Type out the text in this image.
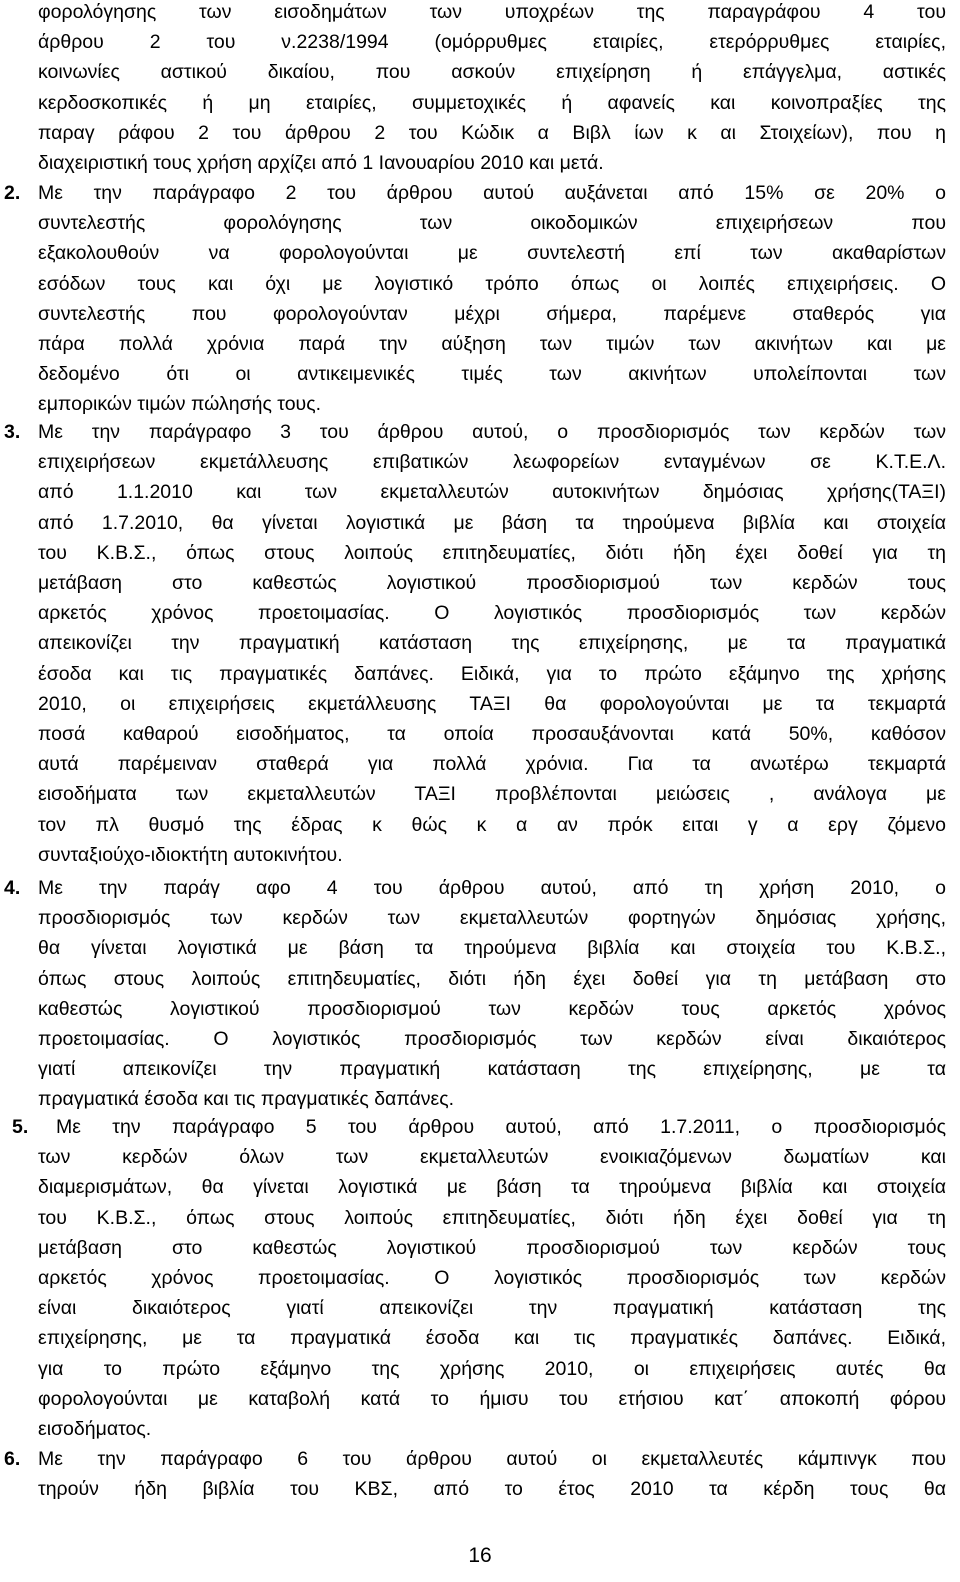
φορολόγησης των εισοδημάτων των υποχρέων της παραγράφου 4 του
άρθρου 2 του ν.2238/1994 (ομόρρυθμες εταιρίες, ετερόρρυθμες εταιρίες,
κοινωνίες αστικού δικαίου, που ασκούν επιχείρηση ή επάγγελμα, αστικές
κερδοσκοπικές ή μη εταιρίες, συμμετοχικές ή αφανείς και κοινοπραξίες της
παραγ ράφου 2 του άρθρου 2 του Κώδικ α Βιβλ ίων κ αι Στοιχείων), που η
διαχειριστική τους χρήση αρχίζει από 1 Ιανουαρίου 2010 και μετά.
2. Με την παράγραφο 2 του άρθρου αυτού αυξάνεται από 15% σε 20% ο
συντελεστής φορολόγησης των οικοδομικών επιχειρήσεων που
εξακολουθούν να φορολογούνται με συντελεστή επί των ακαθαρίστων
εσόδων τους και όχι με λογιστικό τρόπο όπως οι λοιπές επιχειρήσεις. Ο
συντελεστής που φορολογούνταν μέχρι σήμερα, παρέμενε σταθερός για
πάρα πολλά χρόνια παρά την αύξηση των τιμών των ακινήτων και με
δεδομένο ότι οι αντικειμενικές τιμές των ακινήτων υπολείπονται των
εμπορικών τιμών πώλησής τους.
3. Με την παράγραφο 3 του άρθρου αυτού, ο προσδιορισμός των κερδών των
επιχειρήσεων εκμετάλλευσης επιβατικών λεωφορείων ενταγμένων σε Κ.Τ.Ε.Λ.
από 1.1.2010 και των εκμεταλλευτών αυτοκινήτων δημόσιας χρήσης(ΤΑΞΙ)
από 1.7.2010, θα γίνεται λογιστικά με βάση τα τηρούμενα βιβλία και στοιχεία
του Κ.Β.Σ., όπως στους λοιπούς επιτηδευματίες, διότι ήδη έχει δοθεί για τη
μετάβαση στο καθεστώς λογιστικού προσδιορισμού των κερδών τους
αρκετός χρόνος προετοιμασίας. Ο λογιστικός προσδιορισμός των κερδών
απεικονίζει την πραγματική κατάσταση της επιχείρησης, με τα πραγματικά
έσοδα και τις πραγματικές δαπάνες. Ειδικά, για το πρώτο εξάμηνο της χρήσης
2010, οι επιχειρήσεις εκμετάλλευσης ΤΑΞΙ θα φορολογούνται με τα τεκμαρτά
ποσά καθαρού εισοδήματος, τα οποία προσαυξάνονται κατά 50%, καθόσον
αυτά παρέμειναν σταθερά για πολλά χρόνια. Για τα ανωτέρω τεκμαρτά
εισοδήματα των εκμεταλλευτών ΤΑΞΙ προβλέπονται μειώσεις , ανάλογα με
τον πλ θυσμό της έδρας κ θώς κ α αν πρόκ ειται γ α εργ ζόμενο
συνταξιούχο-ιδιοκτήτη αυτοκινήτου.
4. Με την παράγ αφο 4 του άρθρου αυτού, από τη χρήση 2010, ο
προσδιορισμός των κερδών των εκμεταλλευτών φορτηγών δημόσιας χρήσης,
θα γίνεται λογιστικά με βάση τα τηρούμενα βιβλία και στοιχεία του Κ.Β.Σ.,
όπως στους λοιπούς επιτηδευματίες, διότι ήδη έχει δοθεί για τη μετάβαση στο
καθεστώς λογιστικού προσδιορισμού των κερδών τους αρκετός χρόνος
προετοιμασίας. Ο λογιστικός προσδιορισμός των κερδών είναι δικαιότερος
γιατί απεικονίζει την πραγματική κατάσταση της επιχείρησης, με τα
πραγματικά έσοδα και τις πραγματικές δαπάνες.
5. Με την παράγραφο 5 του άρθρου αυτού, από 1.7.2011, ο προσδιορισμός
των κερδών όλων των εκμεταλλευτών ενοικιαζόμενων δωματίων και
διαμερισμάτων, θα γίνεται λογιστικά με βάση τα τηρούμενα βιβλία και στοιχεία
του Κ.Β.Σ., όπως στους λοιπούς επιτηδευματίες, διότι ήδη έχει δοθεί για τη
μετάβαση στο καθεστώς λογιστικού προσδιορισμού των κερδών τους
αρκετός χρόνος προετοιμασίας. Ο λογιστικός προσδιορισμός των κερδών
είναι δικαιότερος γιατί απεικονίζει την πραγματική κατάσταση της
επιχείρησης, με τα πραγματικά έσοδα και τις πραγματικές δαπάνες. Ειδικά,
για το πρώτο εξάμηνο της χρήσης 2010, οι επιχειρήσεις αυτές θα
φορολογούνται με καταβολή κατά το ήμισυ του ετήσιου κατ΄ αποκοπή φόρου
εισοδήματος.
6. Με την παράγραφο 6 του άρθρου αυτού οι εκμεταλλευτές κάμπινγκ που
τηρούν ήδη βιβλία του ΚΒΣ, από το έτος 2010 τα κέρδη τους θα
16
